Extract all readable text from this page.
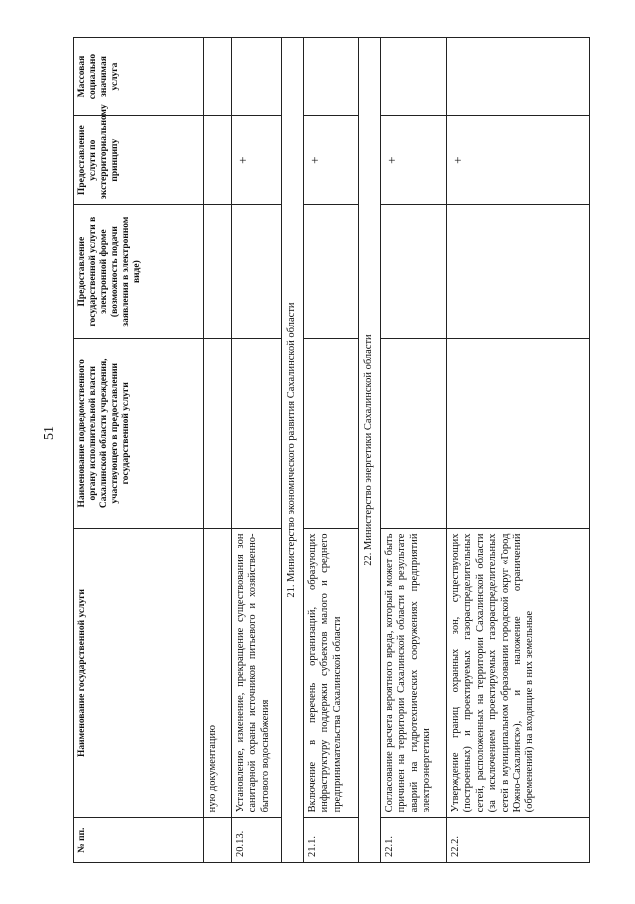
51
№ пп.	Наименование государственной услуги	Наименование подведомственного органу исполнительной власти Сахалинской области учреждения, участвующего в предоставлении государственной услуги	Предоставление государственной услуги в электронной форме (возможность подачи заявления в электронном виде)	Предоставление услуги по экстерриториальному принципу	Массовая социально значимая услуга
	ную документацию				
20.13.	Установление, изменение, прекращение существования зон санитарной охраны источников питьевого и хозяйственно-бытового водоснабжения			+	
21. Министерство экономического развития Сахалинской области					
21.1.	Включение в перечень организаций, образующих инфраструктуру поддержки субъектов малого и среднего предпринимательства Сахалинской области			+	
22. Министерство энергетики Сахалинской области					
22.1.	Согласование расчета вероятного вреда, который может быть причинен на территории Сахалинской области в результате аварий на гидротехнических сооружениях предприятий электроэнергетики			+	
22.2.	Утверждение границ охранных зон, существующих (построенных) и проектируемых газораспределительных сетей, расположенных на территории Сахалинской области (за исключением проектируемых газораспределительных сетей в муниципальном образовании городской округ «Город Южно-Сахалинск»), и наложение ограничений (обременений) на входящие в них земельные			+	
